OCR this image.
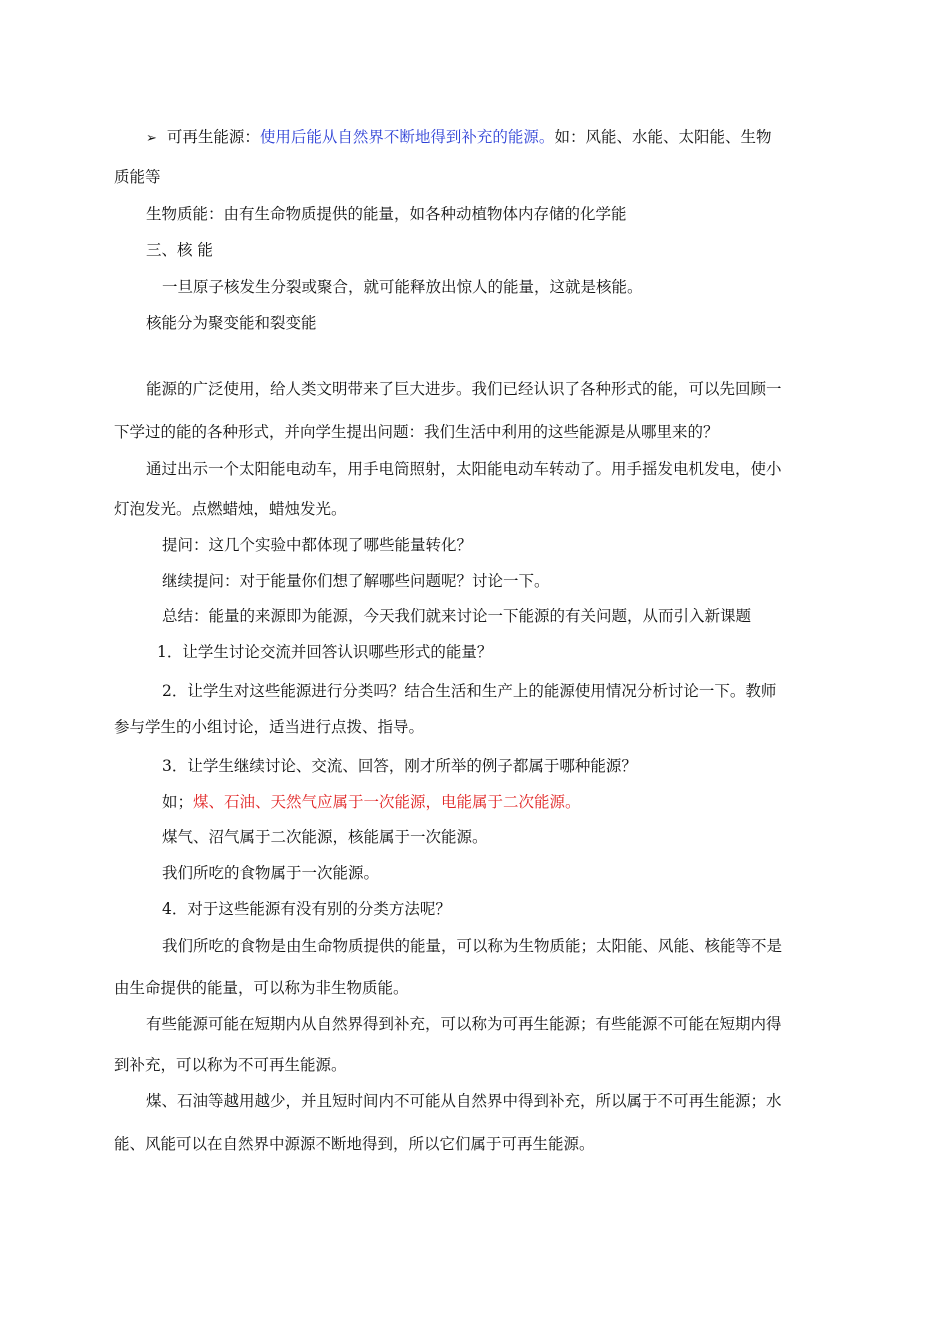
➢ 可再生能源：使用后能从自然界不断地得到补充的能源。如：风能、水能、太阳能、生物
质能等
生物质能：由有生命物质提供的能量，如各种动植物体内存储的化学能
三、核 能
一旦原子核发生分裂或聚合，就可能释放出惊人的能量，这就是核能。
核能分为聚变能和裂变能
能源的广泛使用，给人类文明带来了巨大进步。我们已经认识了各种形式的能，可以先回顾一
下学过的能的各种形式，并向学生提出问题：我们生活中利用的这些能源是从哪里来的？
通过出示一个太阳能电动车，用手电筒照射，太阳能电动车转动了。用手摇发电机发电，使小
灯泡发光。点燃蜡烛，蜡烛发光。
提问：这几个实验中都体现了哪些能量转化？
继续提问：对于能量你们想了解哪些问题呢？讨论一下。
总结：能量的来源即为能源，今天我们就来讨论一下能源的有关问题，从而引入新课题
1．让学生讨论交流并回答认识哪些形式的能量？
2．让学生对这些能源进行分类吗？结合生活和生产上的能源使用情况分析讨论一下。教师
参与学生的小组讨论，适当进行点拨、指导。
3．让学生继续讨论、交流、回答，刚才所举的例子都属于哪种能源？
如；煤、石油、天然气应属于一次能源，电能属于二次能源。
煤气、沼气属于二次能源，核能属于一次能源。
我们所吃的食物属于一次能源。
4．对于这些能源有没有别的分类方法呢？
我们所吃的食物是由生命物质提供的能量，可以称为生物质能；太阳能、风能、核能等不是
由生命提供的能量，可以称为非生物质能。
有些能源可能在短期内从自然界得到补充，可以称为可再生能源；有些能源不可能在短期内得
到补充，可以称为不可再生能源。
煤、石油等越用越少，并且短时间内不可能从自然界中得到补充，所以属于不可再生能源；水
能、风能可以在自然界中源源不断地得到，所以它们属于可再生能源。
